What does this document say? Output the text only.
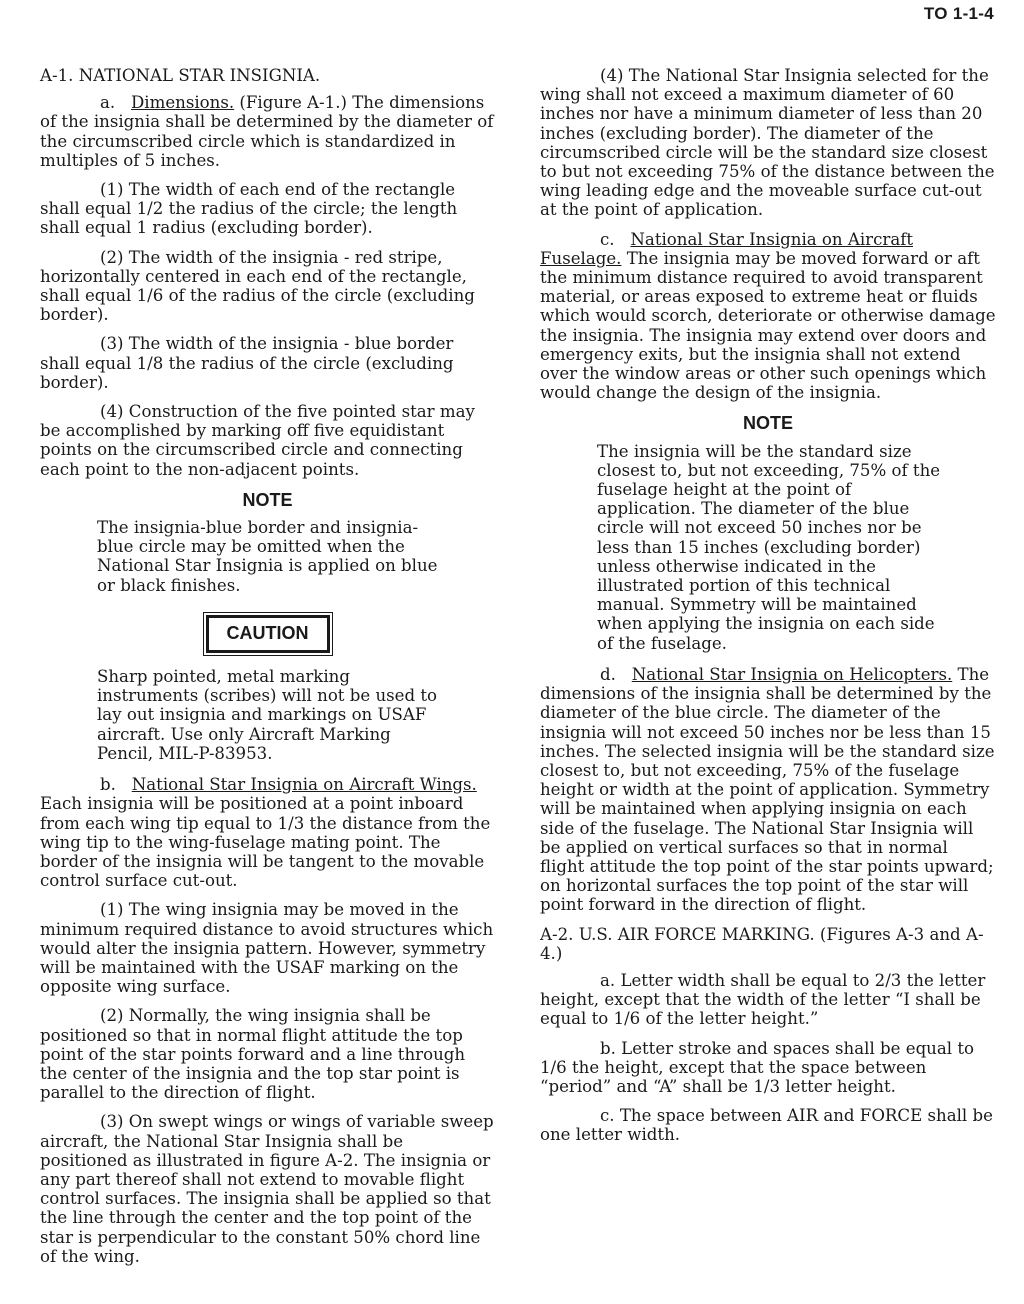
TO 1-1-4

A-1. NATIONAL STAR INSIGNIA.

a. Dimensions. (Figure A-1.) The dimensions of the insignia shall be determined by the diameter of the circumscribed circle which is standardized in multiples of 5 inches.

(1) The width of each end of the rectangle shall equal 1/2 the radius of the circle; the length shall equal 1 radius (excluding border).

(2) The width of the insignia - red stripe, horizontally centered in each end of the rectangle, shall equal 1/6 of the radius of the circle (excluding border).

(3) The width of the insignia - blue border shall equal 1/8 the radius of the circle (excluding border).

(4) Construction of the five pointed star may be accomplished by marking off five equidistant points on the circumscribed circle and connecting each point to the non-adjacent points.

NOTE

The insignia-blue border and insignia-blue circle may be omitted when the National Star Insignia is applied on blue or black finishes.

CAUTION

Sharp pointed, metal marking instruments (scribes) will not be used to lay out insignia and markings on USAF aircraft. Use only Aircraft Marking Pencil, MIL-P-83953.

b. National Star Insignia on Aircraft Wings. Each insignia will be positioned at a point inboard from each wing tip equal to 1/3 the distance from the wing tip to the wing-fuselage mating point. The border of the insignia will be tangent to the movable control surface cut-out.

(1) The wing insignia may be moved in the minimum required distance to avoid structures which would alter the insignia pattern. However, symmetry will be maintained with the USAF marking on the opposite wing surface.

(2) Normally, the wing insignia shall be positioned so that in normal flight attitude the top point of the star points forward and a line through the center of the insignia and the top star point is parallel to the direction of flight.

(3) On swept wings or wings of variable sweep aircraft, the National Star Insignia shall be positioned as illustrated in figure A-2. The insignia or any part thereof shall not extend to movable flight control surfaces. The insignia shall be applied so that the line through the center and the top point of the star is perpendicular to the constant 50% chord line of the wing.

(4) The National Star Insignia selected for the wing shall not exceed a maximum diameter of 60 inches nor have a minimum diameter of less than 20 inches (excluding border). The diameter of the circumscribed circle will be the standard size closest to but not exceeding 75% of the distance between the wing leading edge and the moveable surface cut-out at the point of application.

c. National Star Insignia on Aircraft Fuselage. The insignia may be moved forward or aft the minimum distance required to avoid transparent material, or areas exposed to extreme heat or fluids which would scorch, deteriorate or otherwise damage the insignia. The insignia may extend over doors and emergency exits, but the insignia shall not extend over the window areas or other such openings which would change the design of the insignia.

NOTE

The insignia will be the standard size closest to, but not exceeding, 75% of the fuselage height at the point of application. The diameter of the blue circle will not exceed 50 inches nor be less than 15 inches (excluding border) unless otherwise indicated in the illustrated portion of this technical manual. Symmetry will be maintained when applying the insignia on each side of the fuselage.

d. National Star Insignia on Helicopters. The dimensions of the insignia shall be determined by the diameter of the blue circle. The diameter of the insignia will not exceed 50 inches nor be less than 15 inches. The selected insignia will be the standard size closest to, but not exceeding, 75% of the fuselage height or width at the point of application. Symmetry will be maintained when applying insignia on each side of the fuselage. The National Star Insignia will be applied on vertical surfaces so that in normal flight attitude the top point of the star points upward; on horizontal surfaces the top point of the star will point forward in the direction of flight.

A-2. U.S. AIR FORCE MARKING. (Figures A-3 and A-4.)

a. Letter width shall be equal to 2/3 the letter height, except that the width of the letter “I shall be equal to 1/6 of the letter height.”

b. Letter stroke and spaces shall be equal to 1/6 the height, except that the space between “period” and “A” shall be 1/3 letter height.

c. The space between AIR and FORCE shall be one letter width.
